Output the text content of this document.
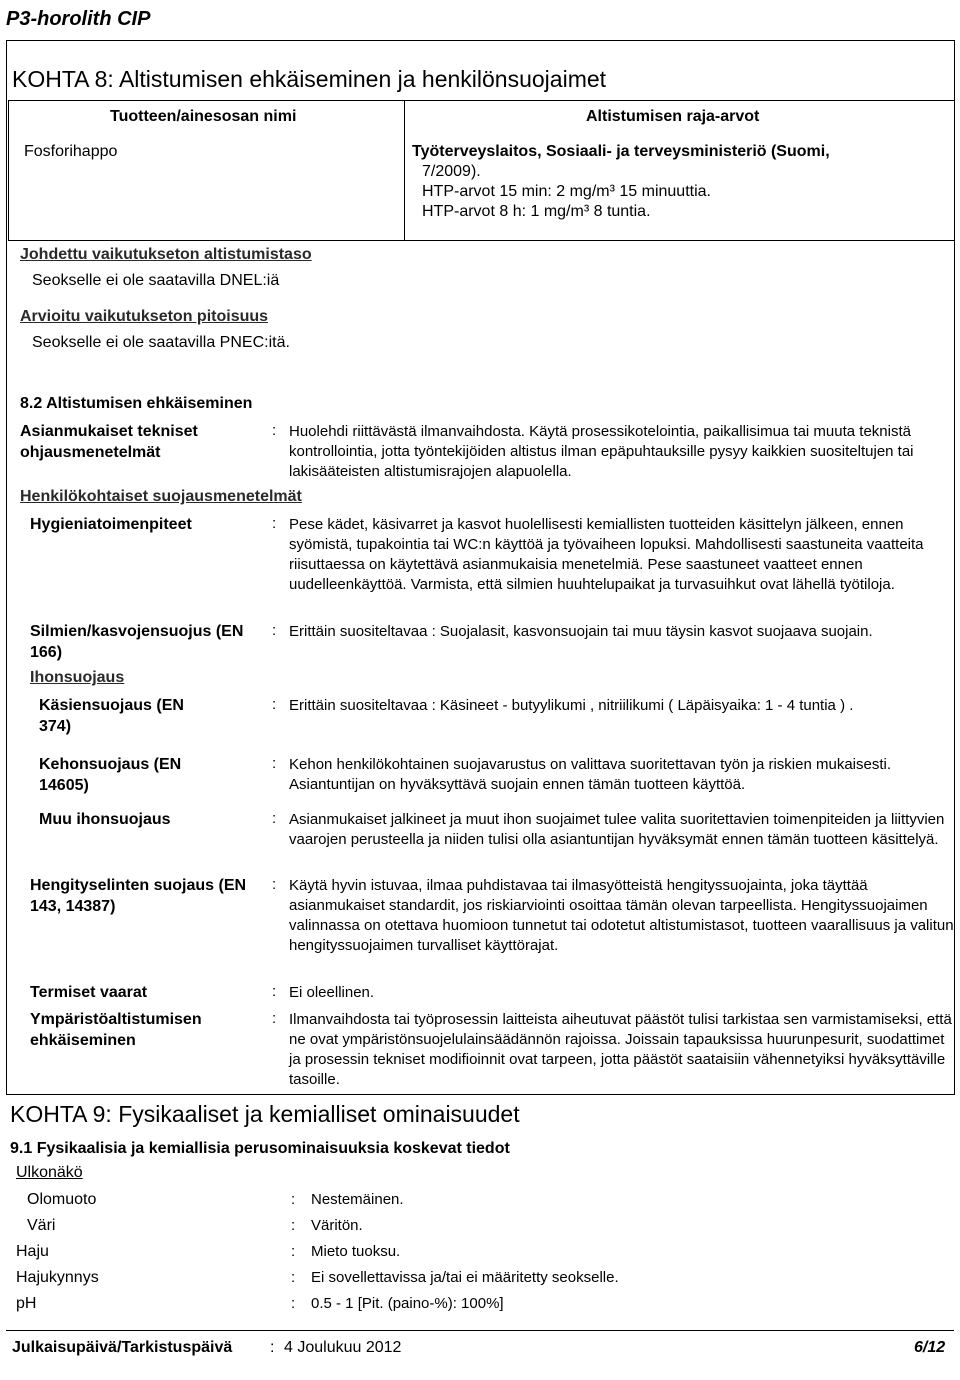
P3-horolith CIP
KOHTA 8: Altistumisen ehkäiseminen ja henkilönsuojaimet
Tuotteen/ainesosan nimi	Altistumisen raja-arvot
Fosforihappo	Työterveyslaitos, Sosiaali- ja terveysministeriö (Suomi,
7/2009).
HTP-arvot 15 min: 2 mg/m³ 15 minuuttia.
HTP-arvot 8 h: 1 mg/m³ 8 tuntia.
Johdettu vaikutukseton altistumistaso
Seokselle ei ole saatavilla DNEL:iä
Arvioitu vaikutukseton pitoisuus
Seokselle ei ole saatavilla PNEC:itä.
8.2 Altistumisen ehkäiseminen
Asianmukaiset tekniset ohjausmenetelmät
: Huolehdi riittävästä ilmanvaihdosta. Käytä prosessikotelointia, paikallisimua tai muuta teknistä kontrollointia, jotta työntekijöiden altistus ilman epäpuhtauksille pysyy kaikkien suositeltujen tai lakisääteisten altistumisrajojen alapuolella.
Henkilökohtaiset suojausmenetelmät
Hygieniatoimenpiteet	: Pese kädet, käsivarret ja kasvot huolellisesti kemiallisten tuotteiden käsittelyn jälkeen, ennen syömistä, tupakointia tai WC:n käyttöä ja työvaiheen lopuksi. Mahdollisesti saastuneita vaatteita riisuttaessa on käytettävä asianmukaisia menetelmiä. Pese saastuneet vaatteet ennen uudelleenkäyttöä. Varmista, että silmien huuhtelupaikat ja turvasuihkut ovat lähellä työtiloja.
Silmien/kasvojensuojus (EN 166)
: Erittäin suositeltavaa : Suojalasit, kasvonsuojain tai muu täysin kasvot suojaava suojain.
Ihonsuojaus
Käsiensuojaus (EN 374)
: Erittäin suositeltavaa : Käsineet - butyylikumi , nitriilikumi ( Läpäisyaika: 1 - 4 tuntia ) .
Kehonsuojaus (EN 14605)
: Kehon henkilökohtainen suojavarustus on valittava suoritettavan työn ja riskien mukaisesti. Asiantuntijan on hyväksyttävä suojain ennen tämän tuotteen käyttöä.
Muu ihonsuojaus	: Asianmukaiset jalkineet ja muut ihon suojaimet tulee valita suoritettavien toimenpiteiden ja liittyvien vaarojen perusteella ja niiden tulisi olla asiantuntijan hyväksymät ennen tämän tuotteen käsittelyä.
Hengityselinten suojaus (EN 143, 14387)
: Käytä hyvin istuvaa, ilmaa puhdistavaa tai ilmasyötteistä hengityssuojainta, joka täyttää asianmukaiset standardit, jos riskiarviointi osoittaa tämän olevan tarpeellista. Hengityssuojaimen valinnassa on otettava huomioon tunnetut tai odotetut altistumistasot, tuotteen vaarallisuus ja valitun hengityssuojaimen turvalliset käyttörajat.
Termiset vaarat	: Ei oleellinen.
Ympäristöaltistumisen ehkäiseminen
: Ilmanvaihdosta tai työprosessin laitteista aiheutuvat päästöt tulisi tarkistaa sen varmistamiseksi, että ne ovat ympäristönsuojelulainsäädännön rajoissa. Joissain tapauksissa huurunpesurit, suodattimet ja prosessin tekniset modifioinnit ovat tarpeen, jotta päästöt saataisiin vähennetyiksi hyväksyttäville tasoille.
KOHTA 9: Fysikaaliset ja kemialliset ominaisuudet
9.1 Fysikaalisia ja kemiallisia perusominaisuuksia koskevat tiedot
Ulkonäkö
Olomuoto	: Nestemäinen.
Väri	: Väritön.
Haju	: Mieto tuoksu.
Hajukynnys	: Ei sovellettavissa ja/tai ei määritetty seokselle.
pH	: 0.5 - 1 [Pit. (paino-%): 100%]
Julkaisupäivä/Tarkistuspäivä : 4 Joulukuu 2012	6/12
